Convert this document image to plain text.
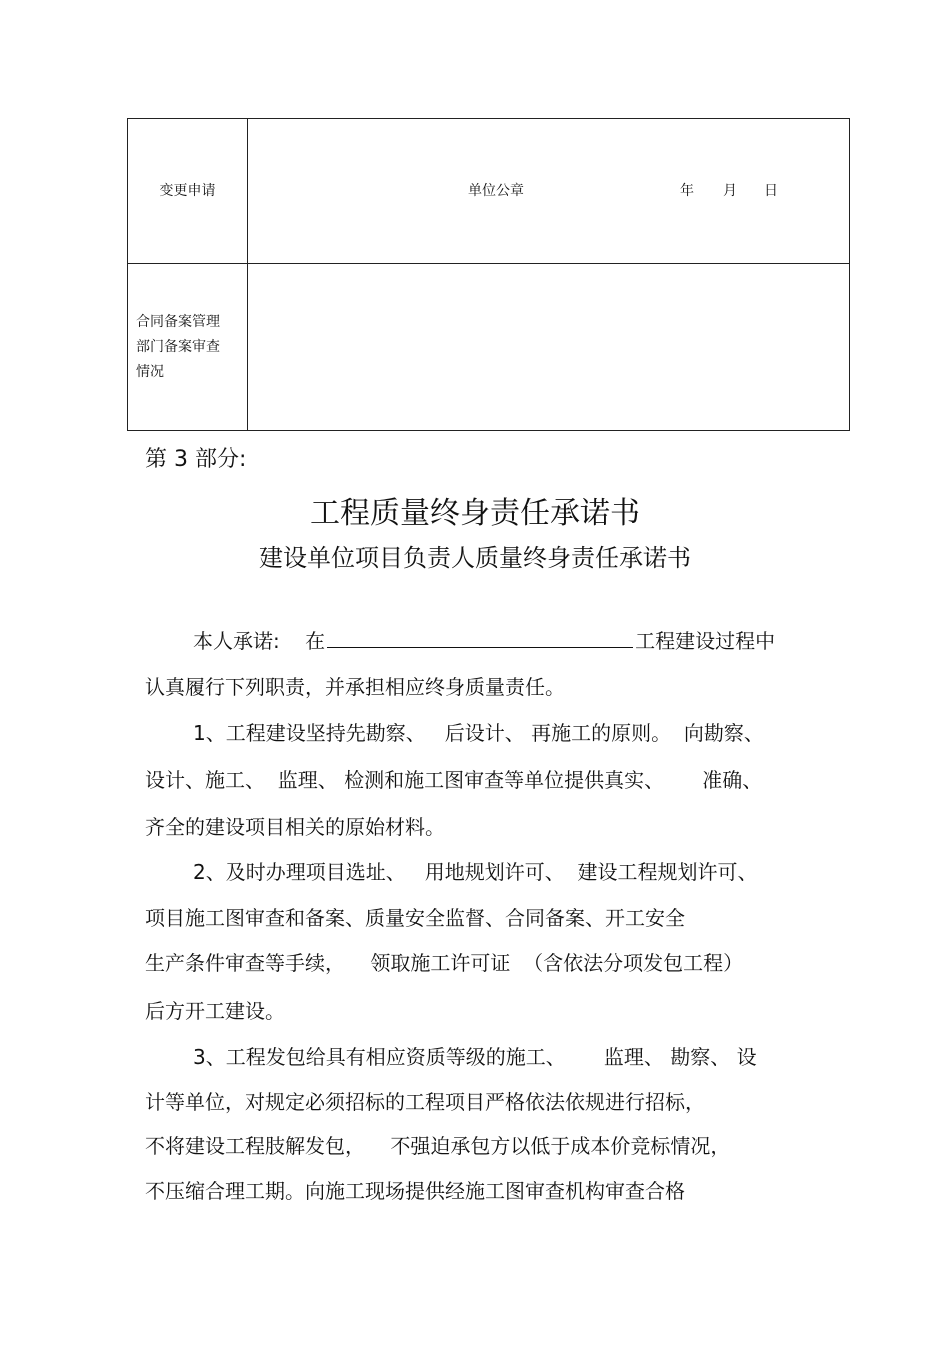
变更申请	单位公章 年 月 日

合同备案管理
部门备案审查
情况	

第 3 部分:
工程质量终身责任承诺书
建设单位项目负责人质量终身责任承诺书
本人承诺:    在	工程建设过程中
认真履行下列职责，并承担相应终身质量责任。
1、工程建设坚持先勘察、   后设计、 再施工的原则。  向勘察、
设计、施工、  监理、 检测和施工图审查等单位提供真实、      准确、
齐全的建设项目相关的原始材料。
2、及时办理项目选址、   用地规划许可、  建设工程规划许可、
项目施工图审查和备案、质量安全监督、合同备案、开工安全
生产条件审查等手续，    领取施工许可证  （含依法分项发包工程）
后方开工建设。
3、工程发包给具有相应资质等级的施工、      监理、 勘察、 设
计等单位，对规定必须招标的工程项目严格依法依规进行招标，
不将建设工程肢解发包，    不强迫承包方以低于成本价竞标情况，
不压缩合理工期。向施工现场提供经施工图审查机构审查合格
